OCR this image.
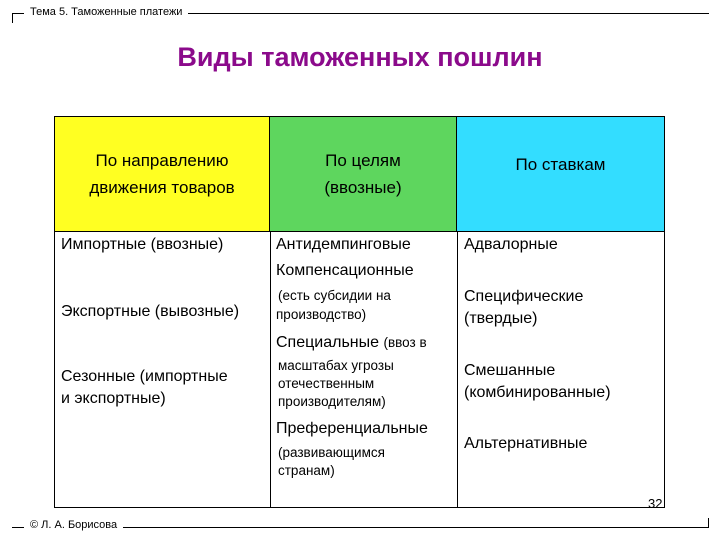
Тема 5. Таможенные платежи
Виды таможенных пошлин
По направлению
движения товаров
По целям
(ввозные)
По ставкам
Импортные (ввозные)
Экспортные (вывозные)
Сезонные (импортные
и экспортные)
Антидемпинговые
Компенсационные
(есть субсидии на
производство)
Специальные (ввоз в
масштабах угрозы
отечественным
производителям)
Преференциальные
(развивающимся
странам)
Адвалорные
Специфические
(твердые)
Смешанные
(комбинированные)
Альтернативные
32
© Л. А. Борисова
